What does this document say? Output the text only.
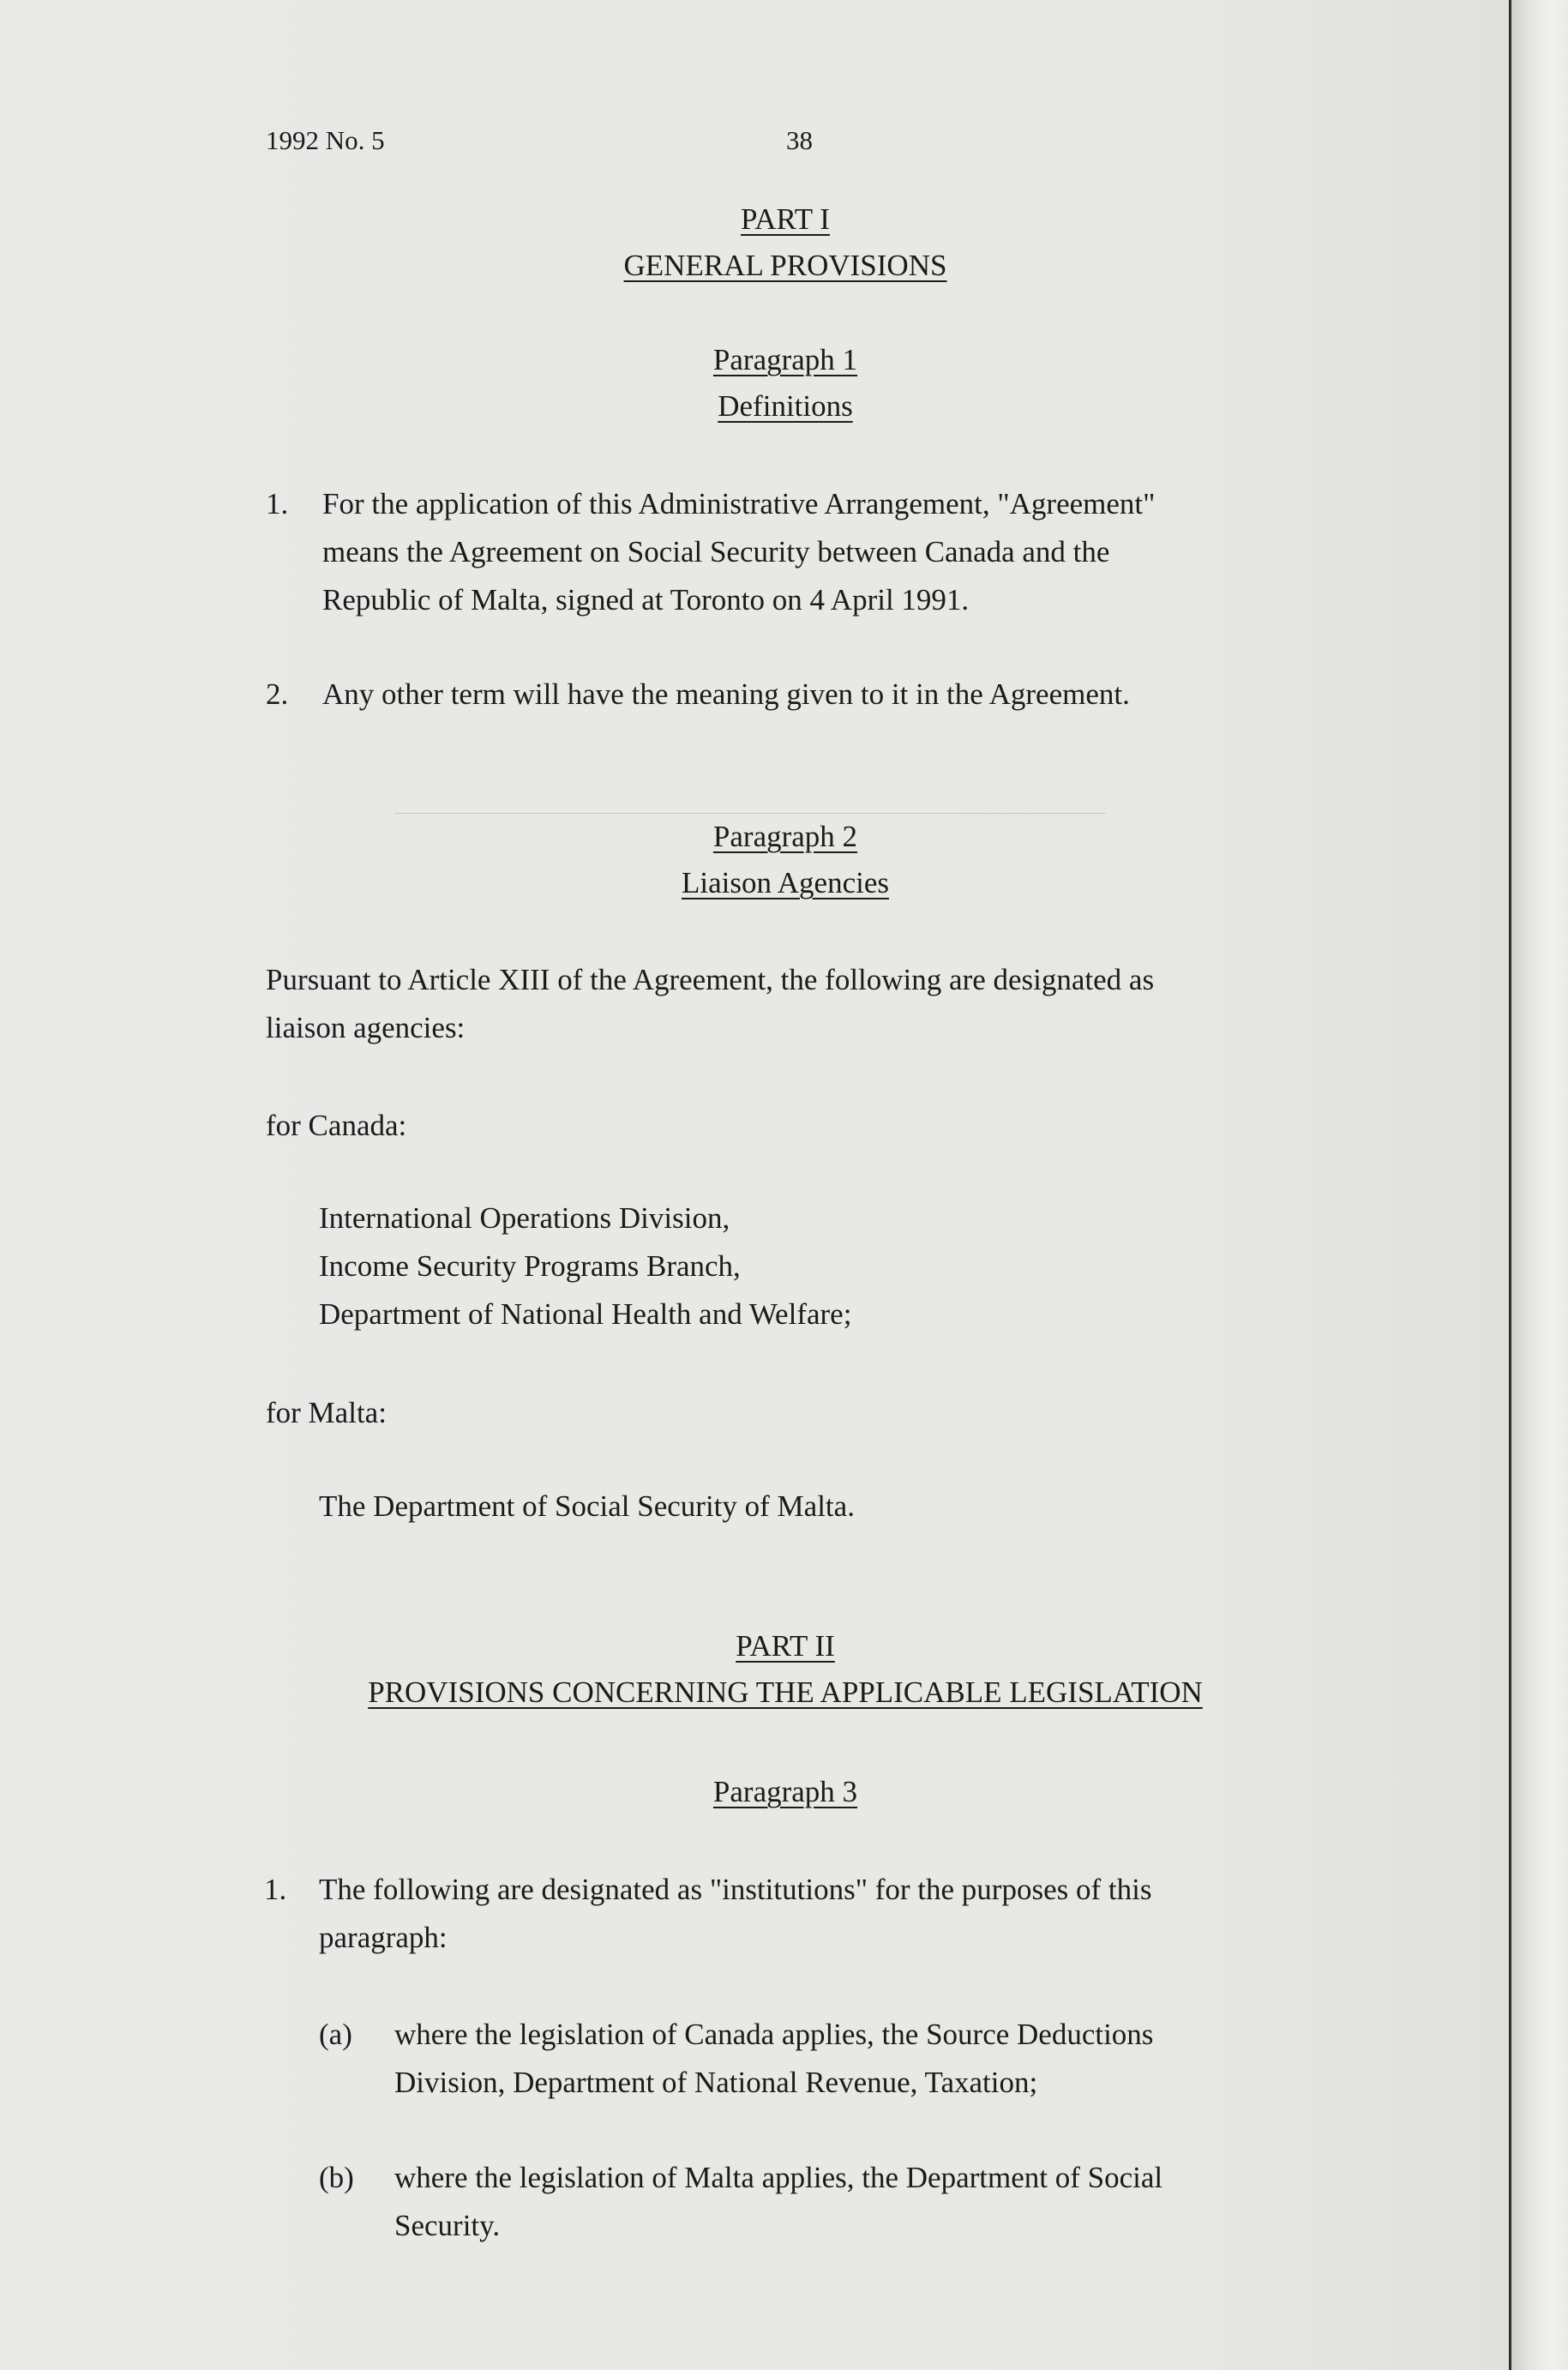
1992 No. 5	38
PART I
GENERAL PROVISIONS
Paragraph 1
Definitions
1. For the application of this Administrative Arrangement, "Agreement"
means the Agreement on Social Security between Canada and the
Republic of Malta, signed at Toronto on 4 April 1991.
2. Any other term will have the meaning given to it in the Agreement.
Paragraph 2
Liaison Agencies
Pursuant to Article XIII of the Agreement, the following are designated as
liaison agencies:
for Canada:
International Operations Division,
Income Security Programs Branch,
Department of National Health and Welfare;
for Malta:
The Department of Social Security of Malta.
PART II
PROVISIONS CONCERNING THE APPLICABLE LEGISLATION
Paragraph 3
1. The following are designated as "institutions" for the purposes of this
paragraph:
(a) where the legislation of Canada applies, the Source Deductions
Division, Department of National Revenue, Taxation;
(b) where the legislation of Malta applies, the Department of Social
Security.
